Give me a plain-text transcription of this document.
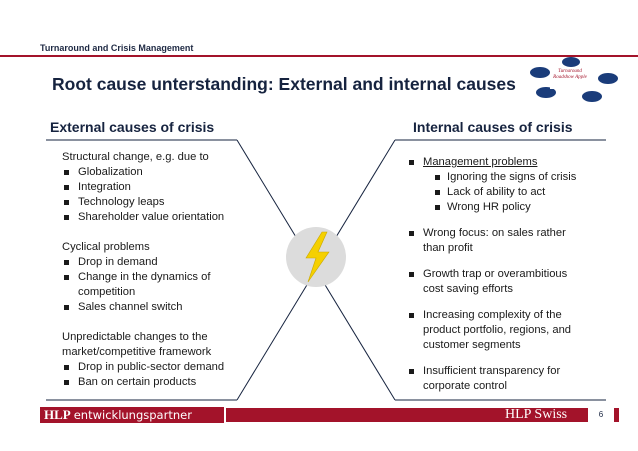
Turnaround and Crisis Management
Root cause unterstanding: External and internal causes
Turnaround Roadshow Apple
External causes of crisis	Internal causes of crisis
Structural change, e.g. due to
Globalization
Integration
Technology leaps
Shareholder value orientation
Cyclical problems
Drop in demand
Change in the dynamics of competition
Sales channel switch
Unpredictable changes to the market/competitive framework
Drop in public-sector demand
Ban on certain products
Management problems
Ignoring the signs of crisis
Lack of ability to act
Wrong HR policy
Wrong focus: on sales rather than profit
Growth trap or overambitious cost saving efforts
Increasing complexity of the product portfolio, regions, and customer segments
Insufficient transparency for corporate control
HLP entwicklungspartner	HLP Swiss	6
